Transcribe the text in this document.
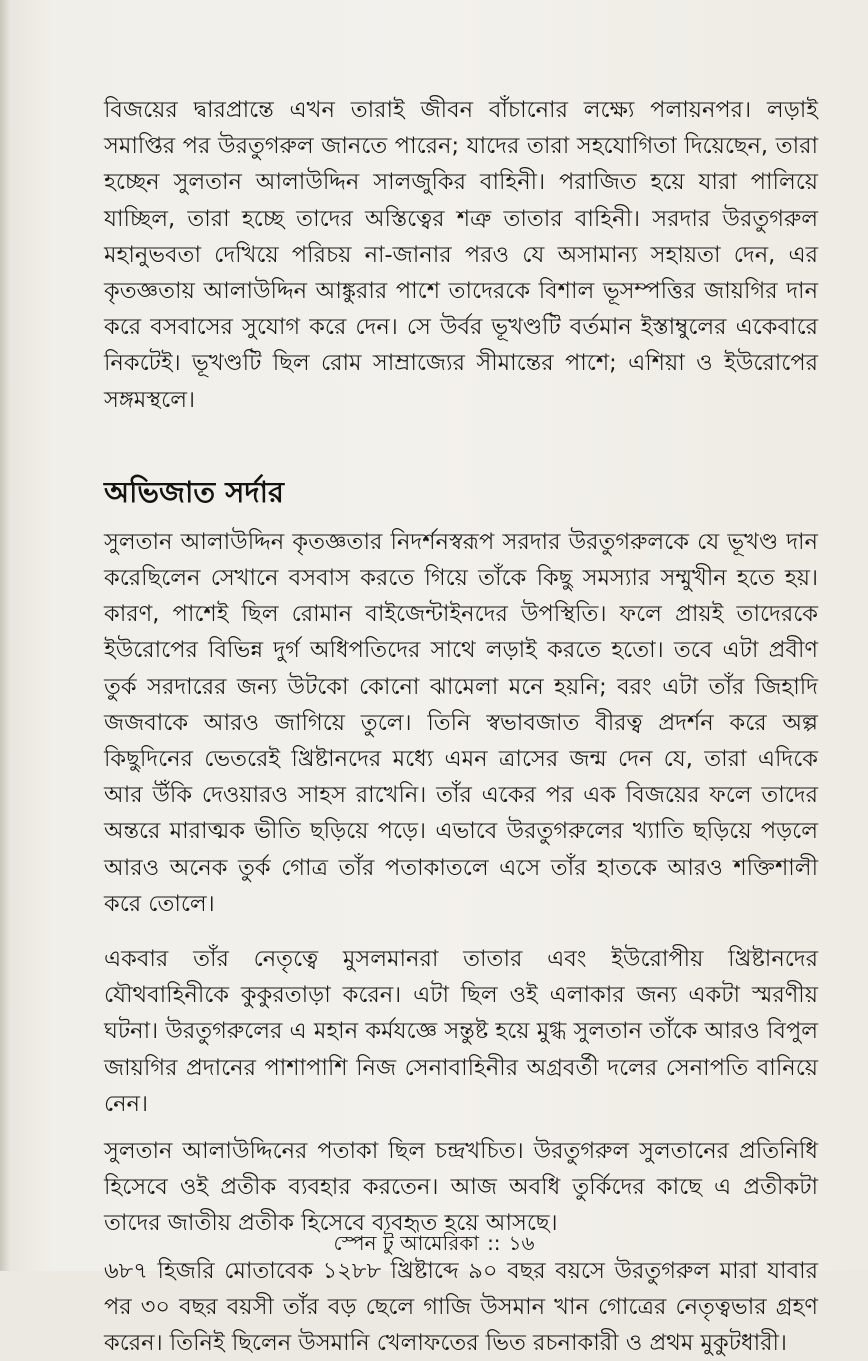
বিজয়ের দ্বারপ্রান্তে এখন তারাই জীবন বাঁচানোর লক্ষ্যে পলায়নপর। লড়াই সমাপ্তির পর উরতুগরুল জানতে পারেন; যাদের তারা সহযোগিতা দিয়েছেন, তারা হচ্ছেন সুলতান আলাউদ্দিন সালজুকির বাহিনী। পরাজিত হয়ে যারা পালিয়ে যাচ্ছিল, তারা হচ্ছে তাদের অস্তিত্বের শত্রু তাতার বাহিনী। সরদার উরতুগরুল মহানুভবতা দেখিয়ে পরিচয় না-জানার পরও যে অসামান্য সহায়তা দেন, এর কৃতজ্ঞতায় আলাউদ্দিন আঙ্কুরার পাশে তাদেরকে বিশাল ভূসম্পত্তির জায়গির দান করে বসবাসের সুযোগ করে দেন। সে উর্বর ভূখণ্ডটি বর্তমান ইস্তাম্বুলের একেবারে নিকটেই। ভূখণ্ডটি ছিল রোম সাম্রাজ্যের সীমান্তের পাশে; এশিয়া ও ইউরোপের সঙ্গমস্থলে।

অভিজাত সর্দার

সুলতান আলাউদ্দিন কৃতজ্ঞতার নিদর্শনস্বরূপ সরদার উরতুগরুলকে যে ভূখণ্ড দান করেছিলেন সেখানে বসবাস করতে গিয়ে তাঁকে কিছু সমস্যার সম্মুখীন হতে হয়। কারণ, পাশেই ছিল রোমান বাইজেন্টাইনদের উপস্থিতি। ফলে প্রায়ই তাদেরকে ইউরোপের বিভিন্ন দুর্গ অধিপতিদের সাথে লড়াই করতে হতো। তবে এটা প্রবীণ তুর্ক সরদারের জন্য উটকো কোনো ঝামেলা মনে হয়নি; বরং এটা তাঁর জিহাদি জজবাকে আরও জাগিয়ে তুলে। তিনি স্বভাবজাত বীরত্ব প্রদর্শন করে অল্প কিছুদিনের ভেতরেই খ্রিষ্টানদের মধ্যে এমন ত্রাসের জন্ম দেন যে, তারা এদিকে আর উঁকি দেওয়ারও সাহস রাখেনি। তাঁর একের পর এক বিজয়ের ফলে তাদের অন্তরে মারাত্মক ভীতি ছড়িয়ে পড়ে। এভাবে উরতুগরুলের খ্যাতি ছড়িয়ে পড়লে আরও অনেক তুর্ক গোত্র তাঁর পতাকাতলে এসে তাঁর হাতকে আরও শক্তিশালী করে তোলে।

একবার তাঁর নেতৃত্বে মুসলমানরা তাতার এবং ইউরোপীয় খ্রিষ্টানদের যৌথবাহিনীকে কুকুরতাড়া করেন। এটা ছিল ওই এলাকার জন্য একটা স্মরণীয় ঘটনা। উরতুগরুলের এ মহান কর্মযজ্ঞে সন্তুষ্ট হয়ে মুগ্ধ সুলতান তাঁকে আরও বিপুল জায়গির প্রদানের পাশাপাশি নিজ সেনাবাহিনীর অগ্রবর্তী দলের সেনাপতি বানিয়ে নেন।

সুলতান আলাউদ্দিনের পতাকা ছিল চন্দ্রখচিত। উরতুগরুল সুলতানের প্রতিনিধি হিসেবে ওই প্রতীক ব্যবহার করতেন। আজ অবধি তুর্কিদের কাছে এ প্রতীকটা তাদের জাতীয় প্রতীক হিসেবে ব্যবহৃত হয়ে আসছে।

৬৮৭ হিজরি মোতাবেক ১২৮৮ খ্রিষ্টাব্দে ৯০ বছর বয়সে উরতুগরুল মারা যাবার পর ৩০ বছর বয়সী তাঁর বড় ছেলে গাজি উসমান খান গোত্রের নেতৃত্বভার গ্রহণ করেন। তিনিই ছিলেন উসমানি খেলাফতের ভিত রচনাকারী ও প্রথম মুকুটধারী।

স্পেন টু আমেরিকা :: ১৬
